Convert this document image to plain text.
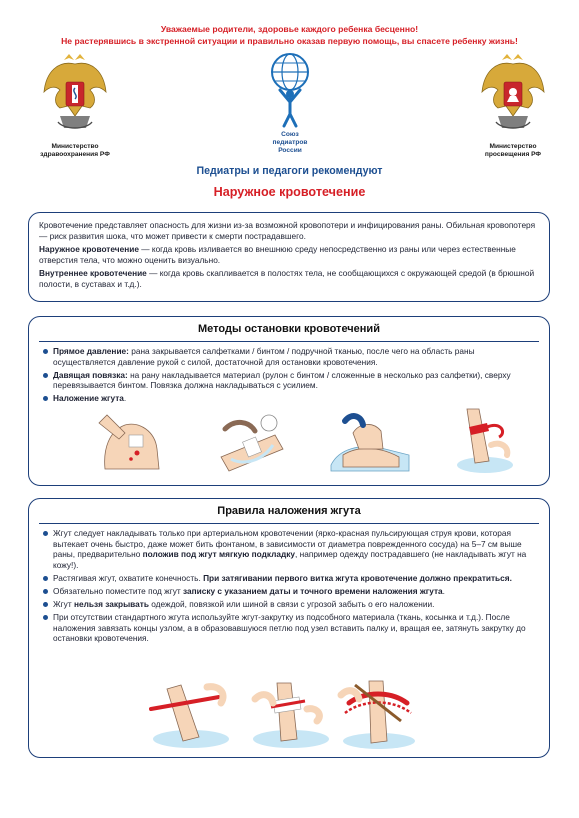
Уважаемые родители, здоровье каждого ребенка бесценно!
Не растерявшись в экстренной ситуации и правильно оказав первую помощь, вы спасете ребенку жизнь!
Министерство
здравоохранения РФ
Союз
педиатров
России
Министерство
просвещения РФ
Педиатры и педагоги рекомендуют
Наружное кровотечение

Кровотечение представляет опасность для жизни из-за возможной кровопотери и инфицирования раны. Обильная кровопотеря — риск развития шока, что может привести к смерти пострадавшего.

Наружное кровотечение — когда кровь изливается во внешнюю среду непосредственно из раны или через естественные отверстия тела, что можно оценить визуально.

Внутреннее кровотечение — когда кровь скапливается в полостях тела, не сообщающихся с окружающей средой (в брюшной полости, в суставах и т.д.).

Методы остановки кровотечений
Прямое давление: рана закрывается салфетками / бинтом / подручной тканью, после чего на область раны осуществляется давление рукой с силой, достаточной для остановки кровотечения.
Давящая повязка: на рану накладывается материал (рулон с бинтом / сложенные в несколько раз салфетки), сверху перевязывается бинтом. Повязка должна накладываться с усилием.
Наложение жгута.
Правила наложения жгута
Жгут следует накладывать только при артериальном кровотечении (ярко-красная пульсирующая струя крови, которая вытекает очень быстро, даже может бить фонтаном, в зависимости от диаметра поврежденного сосуда) на 5–7 см выше раны, предварительно положив под жгут мягкую подкладку, например одежду пострадавшего (не накладывать жгут на кожу!).
Растягивая жгут, охватите конечность. При затягивании первого витка жгута кровотечение должно прекратиться.
Обязательно поместите под жгут записку с указанием даты и точного времени наложения жгута.
Жгут нельзя закрывать одеждой, повязкой или шиной в связи с угрозой забыть о его наложении.
При отсутствии стандартного жгута используйте жгут-закрутку из подсобного материала (ткань, косынка и т.д.). После наложения завязать концы узлом, а в образовавшуюся петлю под узел вставить палку и, вращая ее, затянуть закрутку до остановки кровотечения.
